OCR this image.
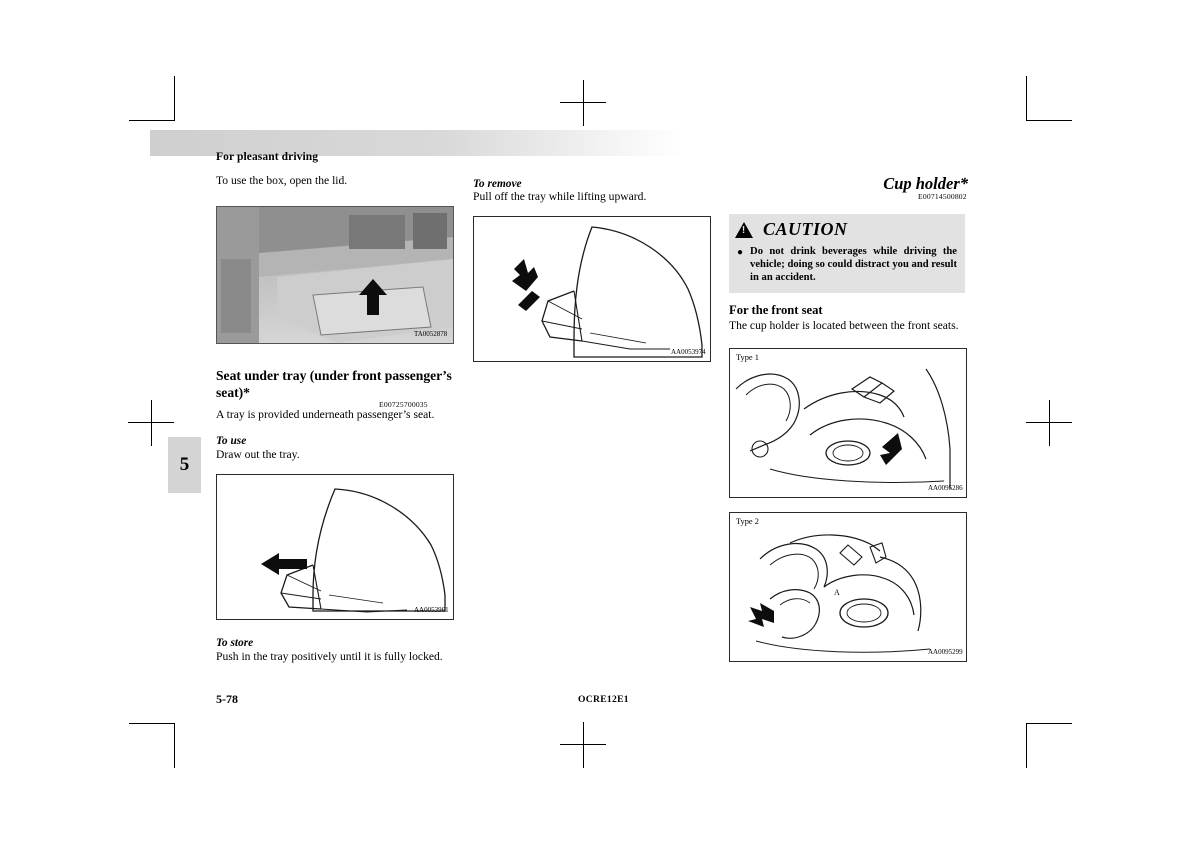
For pleasant driving
5
To use the box, open the lid.
TA0052878
Seat under tray (under front passenger’s seat)*
E00725700035
A tray is provided underneath passenger’s seat.
To use
Draw out the tray.
AA0053961
To store
Push in the tray positively until it is fully locked.
To remove
Pull off the tray while lifting upward.
AA0053974
Cup holder*
E00714500802
!
CAUTION
● Do not drink beverages while driving the vehicle; doing so could distract you and result in an accident.
For the front seat
The cup holder is located between the front seats.
Type 1
AA0095286
A
Type 2
AA0095299
5-78	OCRE12E1
